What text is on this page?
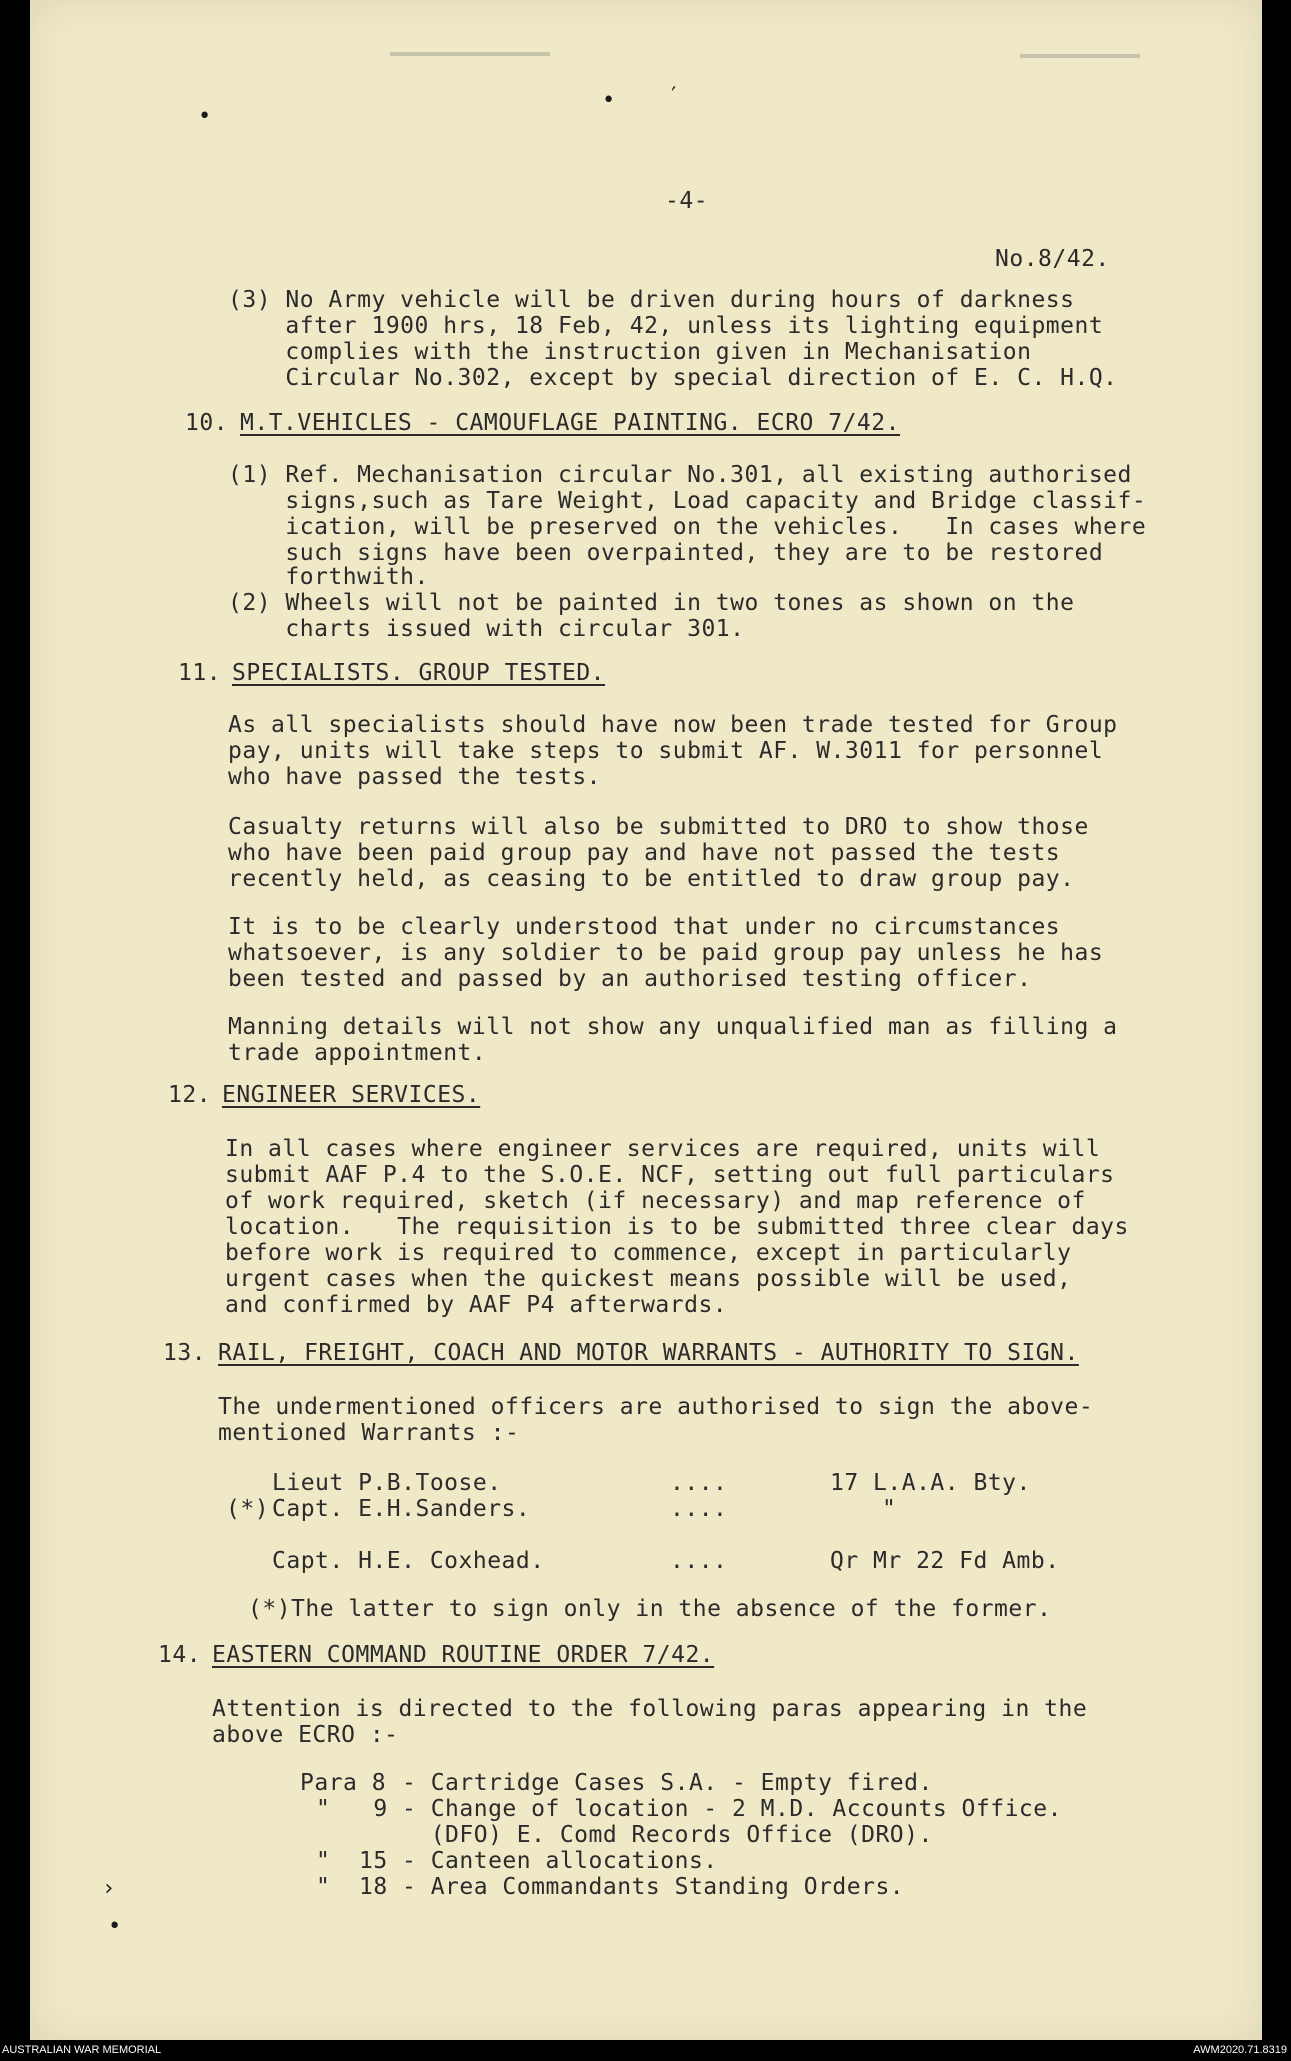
•
• ′
›
•
-4-
No.8/42.
(3) No Army vehicle will be driven during hours of darkness
after 1900 hrs, 18 Feb, 42, unless its lighting equipment
complies with the instruction given in Mechanisation
Circular No.302, except by special direction of E. C. H.Q.
10. M.T.VEHICLES - CAMOUFLAGE PAINTING. ECRO 7/42.
(1) Ref. Mechanisation circular No.301, all existing authorised
signs,such as Tare Weight, Load capacity and Bridge classif-
ication, will be preserved on the vehicles.   In cases where
such signs have been overpainted, they are to be restored
forthwith.
(2) Wheels will not be painted in two tones as shown on the
charts issued with circular 301.
11. SPECIALISTS. GROUP TESTED.
As all specialists should have now been trade tested for Group
pay, units will take steps to submit AF. W.3011 for personnel
who have passed the tests.
Casualty returns will also be submitted to DRO to show those
who have been paid group pay and have not passed the tests
recently held, as ceasing to be entitled to draw group pay.
It is to be clearly understood that under no circumstances
whatsoever, is any soldier to be paid group pay unless he has
been tested and passed by an authorised testing officer.
Manning details will not show any unqualified man as filling a
trade appointment.
12. ENGINEER SERVICES.
In all cases where engineer services are required, units will
submit AAF P.4 to the S.O.E. NCF, setting out full particulars
of work required, sketch (if necessary) and map reference of
location.   The requisition is to be submitted three clear days
before work is required to commence, except in particularly
urgent cases when the quickest means possible will be used,
and confirmed by AAF P4 afterwards.
13. RAIL, FREIGHT, COACH AND MOTOR WARRANTS - AUTHORITY TO SIGN.
The undermentioned officers are authorised to sign the above-
mentioned Warrants :-
Lieut P.B.Toose.	....	17 L.A.A. Bty.
(*) Capt. E.H.Sanders.	....	"
Capt. H.E. Coxhead.	....	Qr Mr 22 Fd Amb.
(*)The latter to sign only in the absence of the former.
14. EASTERN COMMAND ROUTINE ORDER 7/42.
Attention is directed to the following paras appearing in the
above ECRO :-
Para 8 - Cartridge Cases S.A. - Empty fired.
"   9 - Change of location - 2 M.D. Accounts Office.
(DFO) E. Comd Records Office (DRO).
"  15 - Canteen allocations.
"  18 - Area Commandants Standing Orders.
AUSTRALIAN WAR MEMORIAL	AWM2020.71.8319
